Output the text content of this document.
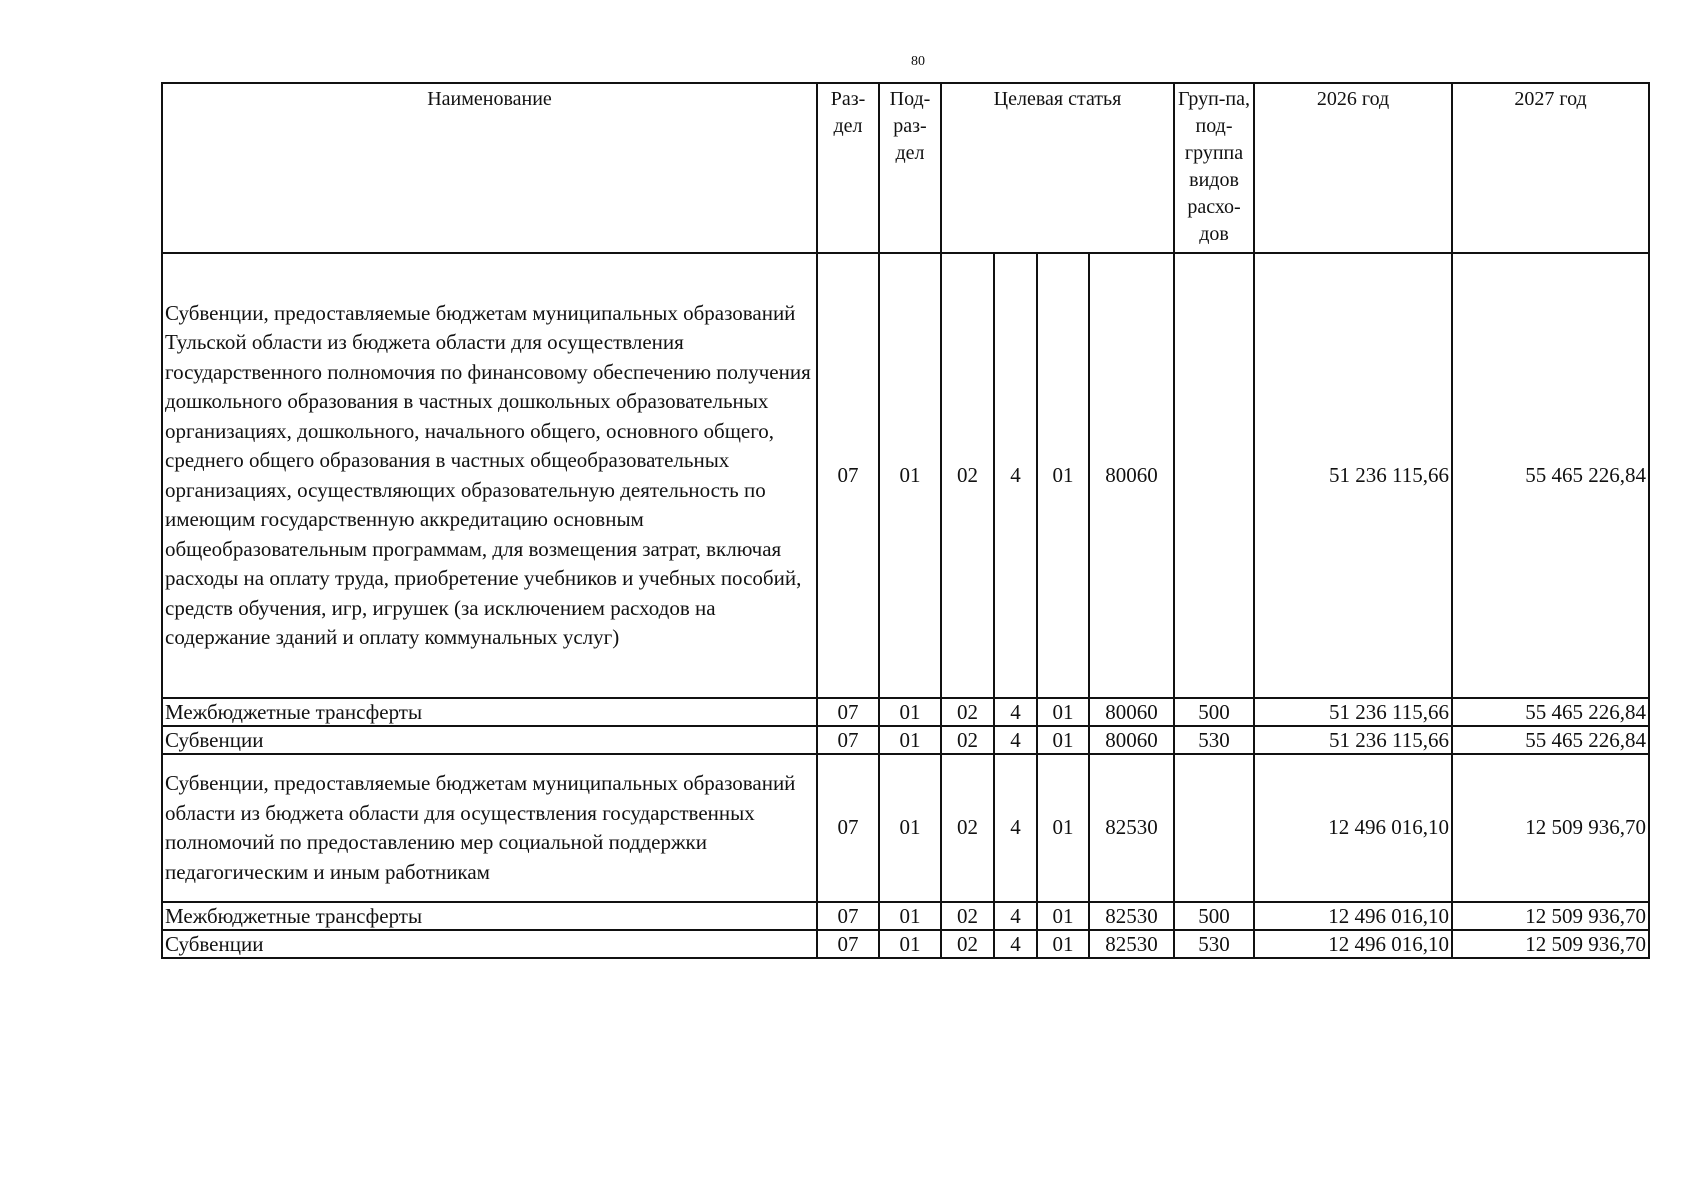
80
Наименование	Раз-дел	Под-раз-дел	Целевая статья				Груп-па, под-группа видов расхо-дов	2026 год	2027 год
Субвенции, предоставляемые бюджетам муниципальных образований Тульской области из бюджета области для осуществления государственного полномочия по финансовому обеспечению получения дошкольного образования в частных дошкольных образовательных организациях, дошкольного, начального общего, основного общего, среднего общего образования в частных общеобразовательных организациях, осуществляющих образовательную деятельность по имеющим государственную аккредитацию основным общеобразовательным программам, для возмещения затрат, включая расходы на оплату труда, приобретение учебников и учебных пособий, средств обучения, игр, игрушек (за исключением расходов на содержание зданий и оплату коммунальных услуг)	07	01	02	4	01	80060		51 236 115,66	55 465 226,84
Межбюджетные трансферты	07	01	02	4	01	80060	500	51 236 115,66	55 465 226,84
Субвенции	07	01	02	4	01	80060	530	51 236 115,66	55 465 226,84
Субвенции, предоставляемые бюджетам муниципальных образований области из бюджета области для осуществления государственных полномочий по предоставлению мер социальной поддержки педагогическим и иным работникам	07	01	02	4	01	82530		12 496 016,10	12 509 936,70
Межбюджетные трансферты	07	01	02	4	01	82530	500	12 496 016,10	12 509 936,70
Субвенции	07	01	02	4	01	82530	530	12 496 016,10	12 509 936,70
